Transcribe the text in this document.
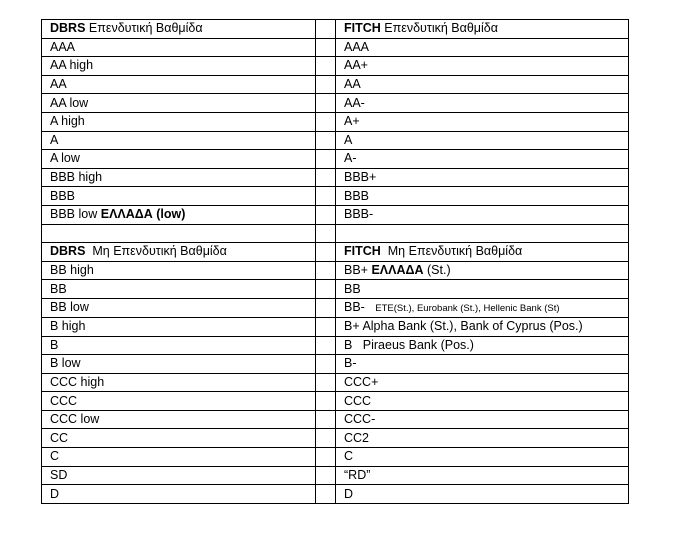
DBRS Επενδυτική Βαθμίδα		FITCH Επενδυτική Βαθμίδα
AAA		AAA
AA high		AA+
AA		AA
AA low		AA-
A high		A+
A		A
A low		A-
BBB high		BBB+
BBB		BBB
BBB low ΕΛΛΑΔΑ (low)		BBB-

DBRS Μη Επενδυτική Βαθμίδα		FITCH Μη Επενδυτική Βαθμίδα
BB high		BB+ ΕΛΛΑΔΑ (St.)
BB		BB
BB low		BB- ETE(St.), Eurobank (St.), Hellenic Bank (St)
B high		B+ Alpha Bank (St.), Bank of Cyprus (Pos.)
B		B Piraeus Bank (Pos.)
B low		B-
CCC high		CCC+
CCC		CCC
CCC low		CCC-
CC		CC2
C		C
SD		“RD”
D		D
